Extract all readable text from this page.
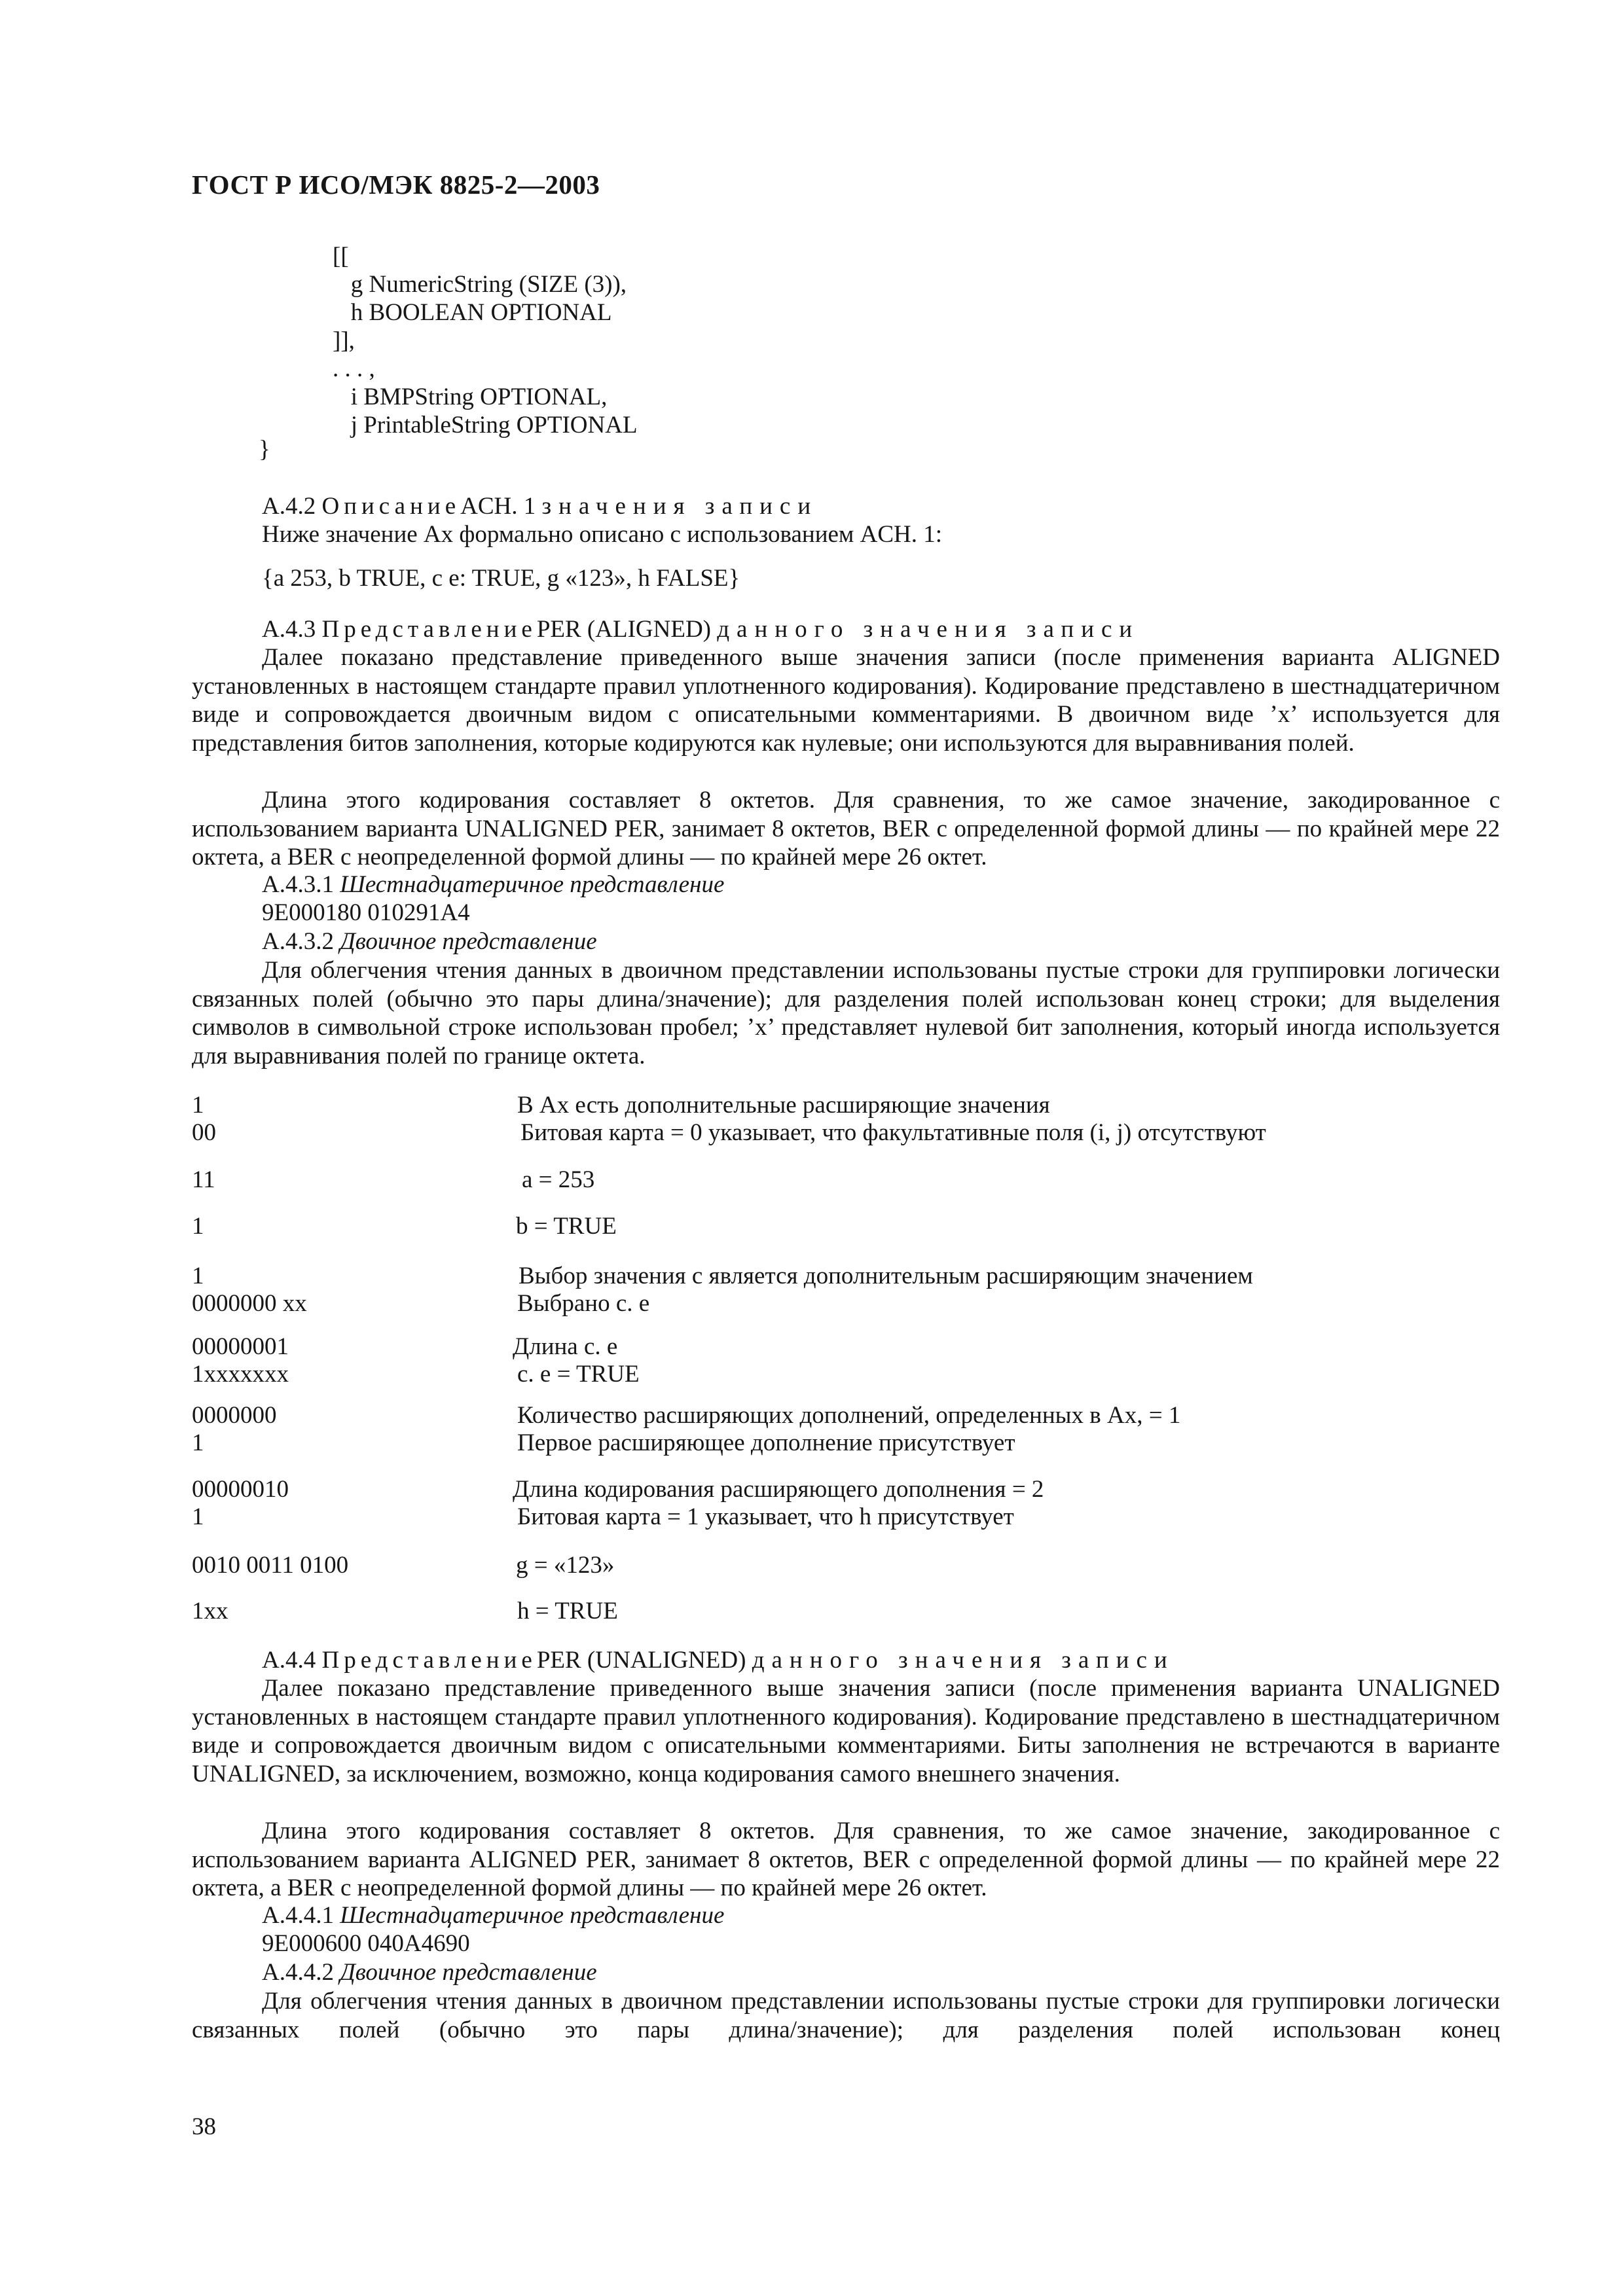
ГОСТ Р ИСО/МЭК 8825-2—2003
[[
g NumericString (SIZE (3)),
h BOOLEAN OPTIONAL
]],
. . . ,
i BMPString OPTIONAL,
j PrintableString OPTIONAL
}
A.4.2 ОписаниеACH. 1 значения записи
Ниже значение Ax формально описано с использованием ACH. 1:
{a 253, b TRUE, c e: TRUE, g «123», h FALSE}
A.4.3 ПредставлениеPER (ALIGNED) данного значения записи
Далее показано представление приведенного выше значения записи (после применения варианта ALIGNED установленных в настоящем стандарте правил уплотненного кодирования). Кодирование представлено в шестнадцатеричном виде и сопровождается двоичным видом с описательными комментариями. В двоичном виде ’x’ используется для представления битов заполнения, которые кодируются как нулевые; они используются для выравнивания полей.
Длина этого кодирования составляет 8 октетов. Для сравнения, то же самое значение, закодированное с использованием варианта UNALIGNED PER, занимает 8 октетов, BER с определенной формой длины — по крайней мере 22 октета, а BER с неопределенной формой длины — по крайней мере 26 октет.
A.4.3.1 Шестнадцатеричное представление
9E000180 010291A4
A.4.3.2 Двоичное представление
Для облегчения чтения данных в двоичном представлении использованы пустые строки для группировки логически связанных полей (обычно это пары длина/значение); для разделения полей использован конец строки; для выделения символов в символьной строке использован пробел; ’x’ представляет нулевой бит заполнения, который иногда используется для выравнивания полей по границе октета.
1	В Ax есть дополнительные расширяющие значения
00	Битовая карта = 0 указывает, что факультативные поля (i, j) отсутствуют
11	a = 253
1	b = TRUE
1	Выбор значения c является дополнительным расширяющим значением
0000000 xx	Выбрано c. e
00000001	Длина c. e
1xxxxxxx	c. e = TRUE
0000000	Количество расширяющих дополнений, определенных в Ax, = 1
1	Первое расширяющее дополнение присутствует
00000010	Длина кодирования расширяющего дополнения = 2
1	Битовая карта = 1 указывает, что h присутствует
0010 0011 0100	g = «123»
1xx	h = TRUE
A.4.4 ПредставлениеPER (UNALIGNED) данного значения записи
Далее показано представление приведенного выше значения записи (после применения варианта UNALIGNED установленных в настоящем стандарте правил уплотненного кодирования). Кодирование представлено в шестнадцатеричном виде и сопровождается двоичным видом с описательными комментариями. Биты заполнения не встречаются в варианте UNALIGNED, за исключением, возможно, конца кодирования самого внешнего значения.
Длина этого кодирования составляет 8 октетов. Для сравнения, то же самое значение, закодированное с использованием варианта ALIGNED PER, занимает 8 октетов, BER с определенной формой длины — по крайней мере 22 октета, а BER с неопределенной формой длины — по крайней мере 26 октет.
A.4.4.1 Шестнадцатеричное представление
9E000600 040A4690
A.4.4.2 Двоичное представление
Для облегчения чтения данных в двоичном представлении использованы пустые строки для группировки логически связанных полей (обычно это пары длина/значение); для разделения полей использован конец
38
